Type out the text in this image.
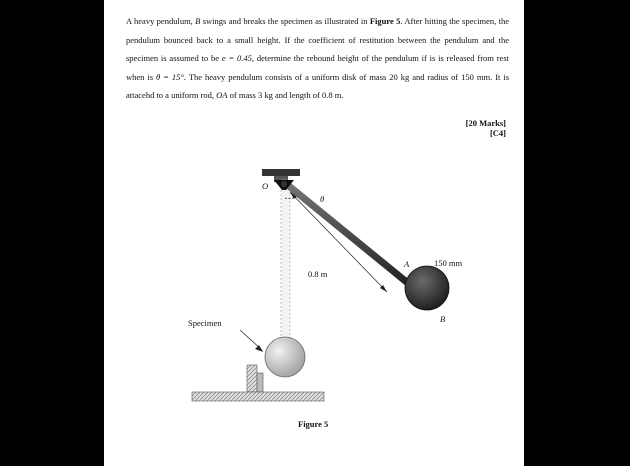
A heavy pendulum, B swings and breaks the specimen as illustrated in Figure 5. After hitting the specimen, the pendulum bounced back to a small height. If the coefficient of restitution between the pendulum and the specimen is assumed to be e = 0.45, determine the rebound height of the pendulum if is is released from rest when is θ = 15°. The heavy pendulum consists of a uniform disk of mass 20 kg and radius of 150 mm. It is attacehd to a uniform rod, OA of mass 3 kg and length of 0.8 m.

[20 Marks]
[C4]
O
θ
0.8 m
A	150 mm
B
Specimen
Figure 5
